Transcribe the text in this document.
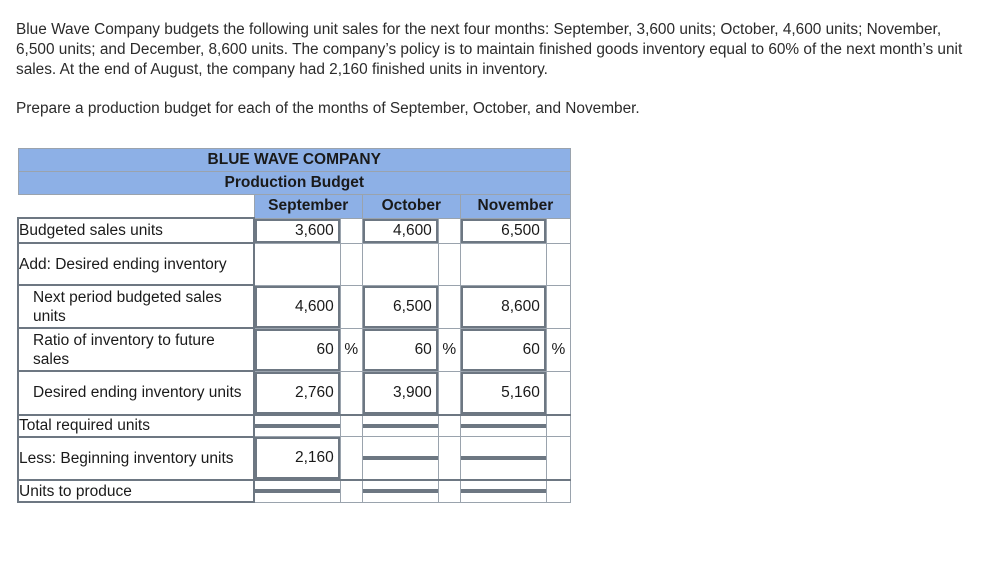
Blue Wave Company budgets the following unit sales for the next four months: September, 3,600 units; October, 4,600 units; November, 6,500 units; and December, 8,600 units. The company’s policy is to maintain finished goods inventory equal to 60% of the next month’s unit sales. At the end of August, the company had 2,160 finished units in inventory.

Prepare a production budget for each of the months of September, October, and November.

BLUE WAVE COMPANY						
Production Budget						
	September		October		November	
Budgeted sales units	3,600		4,600		6,500	

Add: Desired ending inventory						

Next period budgeted sales units	4,600		6,500		8,600	

Ratio of inventory to future sales	60	%	60	%	60	%

Desired ending inventory units	2,760		3,900		5,160	

Total required units	

Less: Beginning inventory units	2,160					

Units to produce	
